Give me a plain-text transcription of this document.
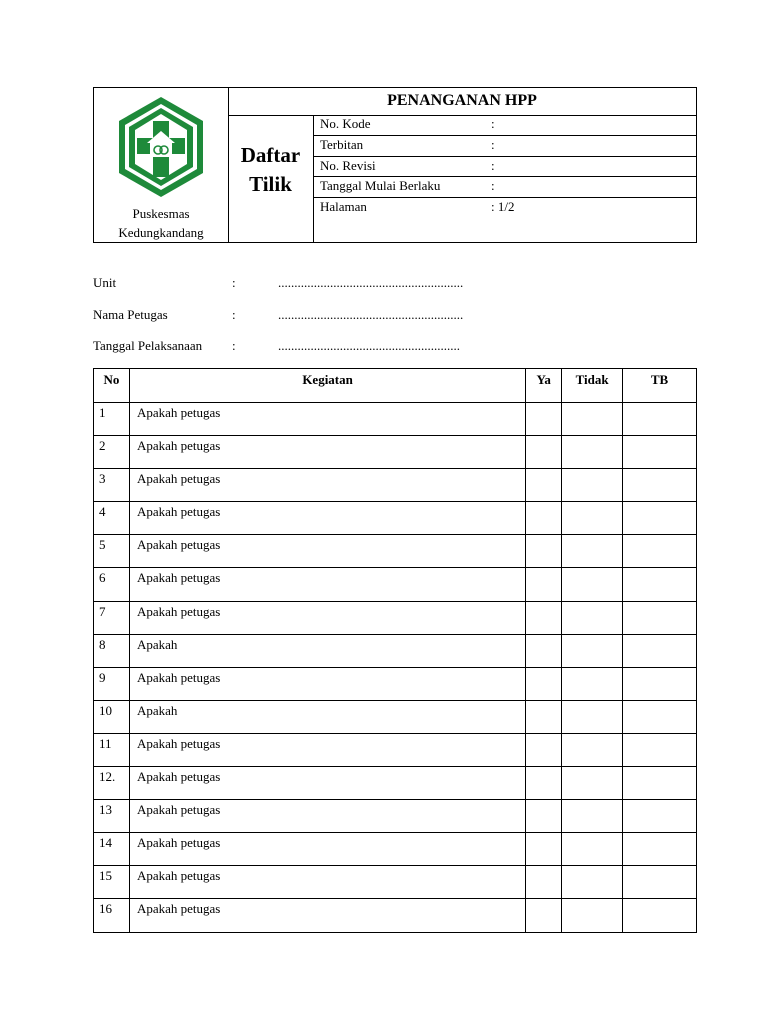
Puskesmas
Kedungkandang
PENANGANAN HPP
Daftar
Tilik
No. Kode	:
Terbitan	:
No. Revisi	:
Tanggal Mulai Berlaku	:
Halaman	: 1/2
Unit	:	.........................................................
Nama Petugas	:	.........................................................
Tanggal Pelaksanaan :	........................................................
No	Kegiatan	Ya	Tidak	TB
1	Apakah petugas			
2	Apakah petugas			
3	Apakah petugas			
4	Apakah petugas			
5	Apakah petugas			
6	Apakah petugas			
7	Apakah petugas			
8	Apakah			
9	Apakah petugas			
10	Apakah			
11	Apakah petugas			
12.	Apakah petugas			
13	Apakah petugas			
14	Apakah petugas			
15	Apakah petugas			
16	Apakah petugas			
